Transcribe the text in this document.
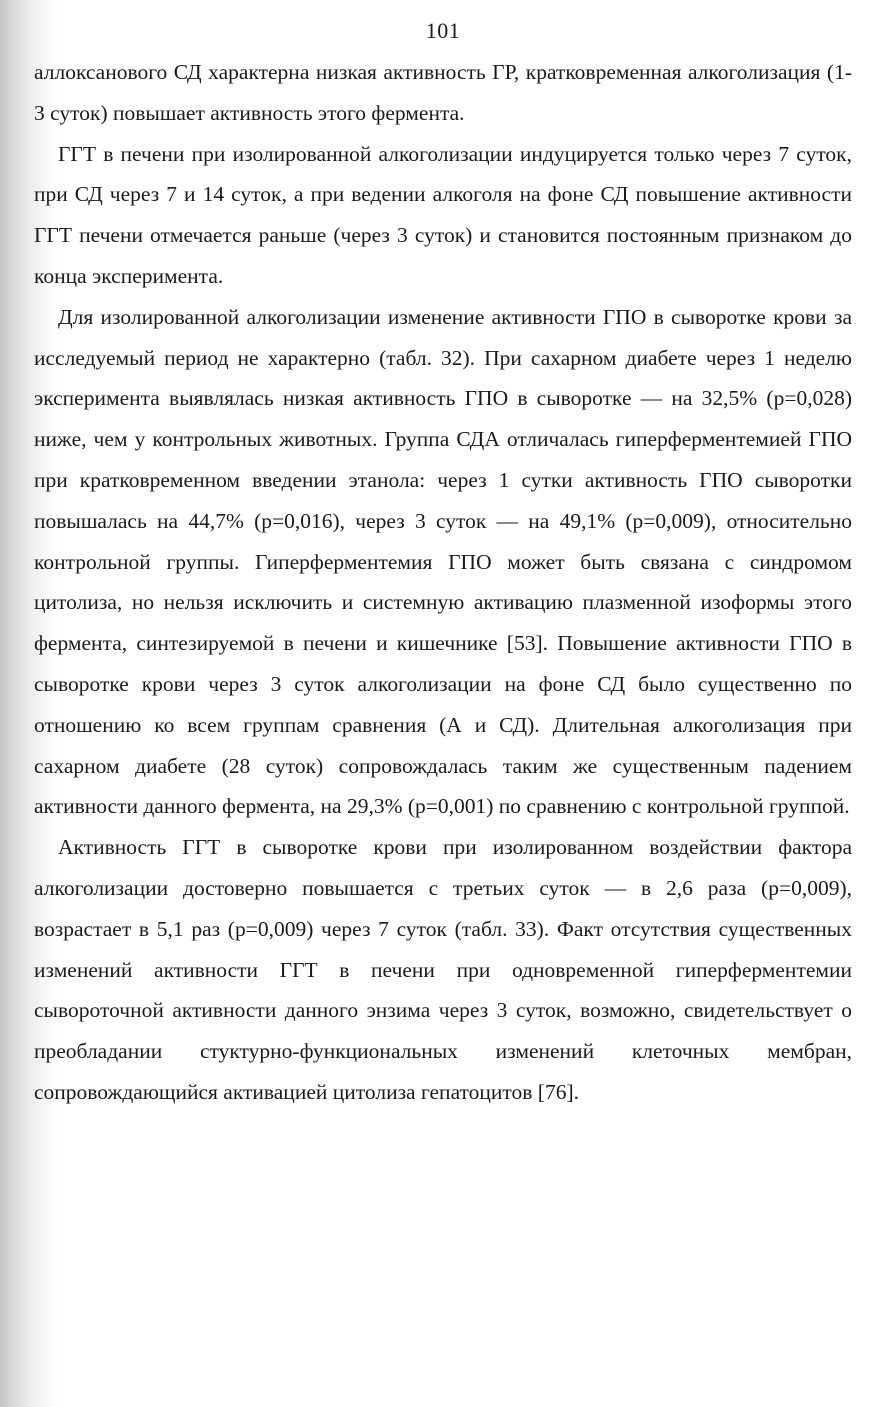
101

аллоксанового СД характерна низкая активность ГР, кратковременная алкоголизация (1-3 суток) повышает активность этого фермента.

ГГТ в печени при изолированной алкоголизации индуцируется только через 7 суток, при СД через 7 и 14 суток, а при ведении алкоголя на фоне СД повышение активности ГГТ печени отмечается раньше (через 3 суток) и становится постоянным признаком до конца эксперимента.

Для изолированной алкоголизации изменение активности ГПО в сыворотке крови за исследуемый период не характерно (табл. 32). При сахарном диабете через 1 неделю эксперимента выявлялась низкая активность ГПО в сыворотке — на 32,5% (p=0,028) ниже, чем у контрольных животных. Группа СДА отличалась гиперферментемией ГПО при кратковременном введении этанола: через 1 сутки активность ГПО сыворотки повышалась на 44,7% (p=0,016), через 3 суток — на 49,1% (p=0,009), относительно контрольной группы. Гиперферментемия ГПО может быть связана с синдромом цитолиза, но нельзя исключить и системную активацию плазменной изоформы этого фермента, синтезируемой в печени и кишечнике [53]. Повышение активности ГПО в сыворотке крови через 3 суток алкоголизации на фоне СД было существенно по отношению ко всем группам сравнения (А и СД). Длительная алкоголизация при сахарном диабете (28 суток) сопровождалась таким же существенным падением активности данного фермента, на 29,3% (p=0,001) по сравнению с контрольной группой.

Активность ГГТ в сыворотке крови при изолированном воздействии фактора алкоголизации достоверно повышается с третьих суток — в 2,6 раза (p=0,009), возрастает в 5,1 раз (p=0,009) через 7 суток (табл. 33). Факт отсутствия существенных изменений активности ГГТ в печени при одновременной гиперферментемии сывороточной активности данного энзима через 3 суток, возможно, свидетельствует о преобладании стуктурно-функциональных изменений клеточных мембран, сопровождающийся активацией цитолиза гепатоцитов [76].
